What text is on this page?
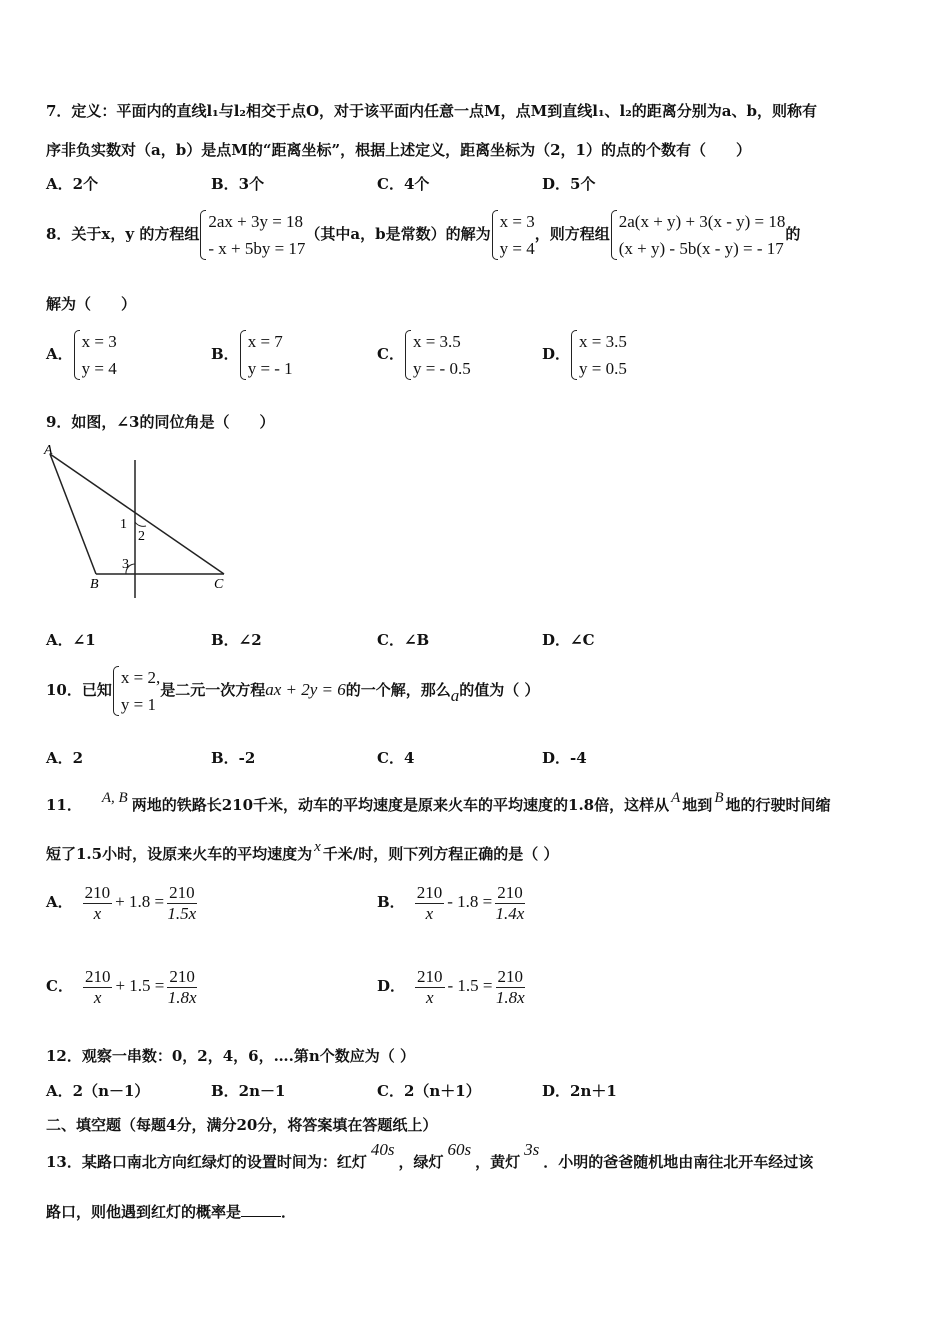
7．定义：平面内的直线l₁与l₂相交于点O，对于该平面内任意一点M，点M到直线l₁、l₂的距离分别为a、b，则称有
序非负实数对（a，b）是点M的“距离坐标”，根据上述定义，距离坐标为（2，1）的点的个数有（　　）
A．2个	B．3个	C．4个	D．5个
8．关于x，y 的方程组
2ax + 3y = 18
- x + 5by = 17
（其中a，b是常数）的解为
x = 3
y = 4
，则方程组
2a(x + y) + 3(x - y) = 18
(x + y) - 5b(x - y) = - 17
的
解为（　　）
A．
x = 3
y = 4
B．
x = 7
y = - 1
C．
x = 3.5
y = - 0.5
D．
x = 3.5
y = 0.5
9．如图，∠3的同位角是（　　）
A
B	C
1
2
3
A．∠1	B．∠2	C．∠B	D．∠C
10．已知
x = 2,
y = 1
是二元一次方程ax + 2y = 6的一个解，那么a的值为（ ）
A．2	B．-2	C．4	D．-4
11． A, B 两地的铁路长210千米，动车的平均速度是原来火车的平均速度的1.8倍，这样从 A 地到 B 地的行驶时间缩
短了1.5小时，设原来火车的平均速度为 x 千米/时，则下列方程正确的是（ ）
A． $\frac{210}{x} + 1.8 = \frac{210}{1.5x}$	B． $\frac{210}{x} - 1.8 = \frac{210}{1.4x}$
C． $\frac{210}{x} + 1.5 = \frac{210}{1.8x}$	D． $\frac{210}{x} - 1.5 = \frac{210}{1.8x}$
12．观察一串数：0，2，4，6，….第n个数应为（ ）
A．2（n－1）	B．2n－1	C．2（n＋1）	D．2n＋1
二、填空题（每题4分，满分20分，将答案填在答题纸上）
13．某路口南北方向红绿灯的设置时间为：红灯40s，绿灯60s，黄灯3s．小明的爸爸随机地由南往北开车经过该
路口，则他遇到红灯的概率是	．
